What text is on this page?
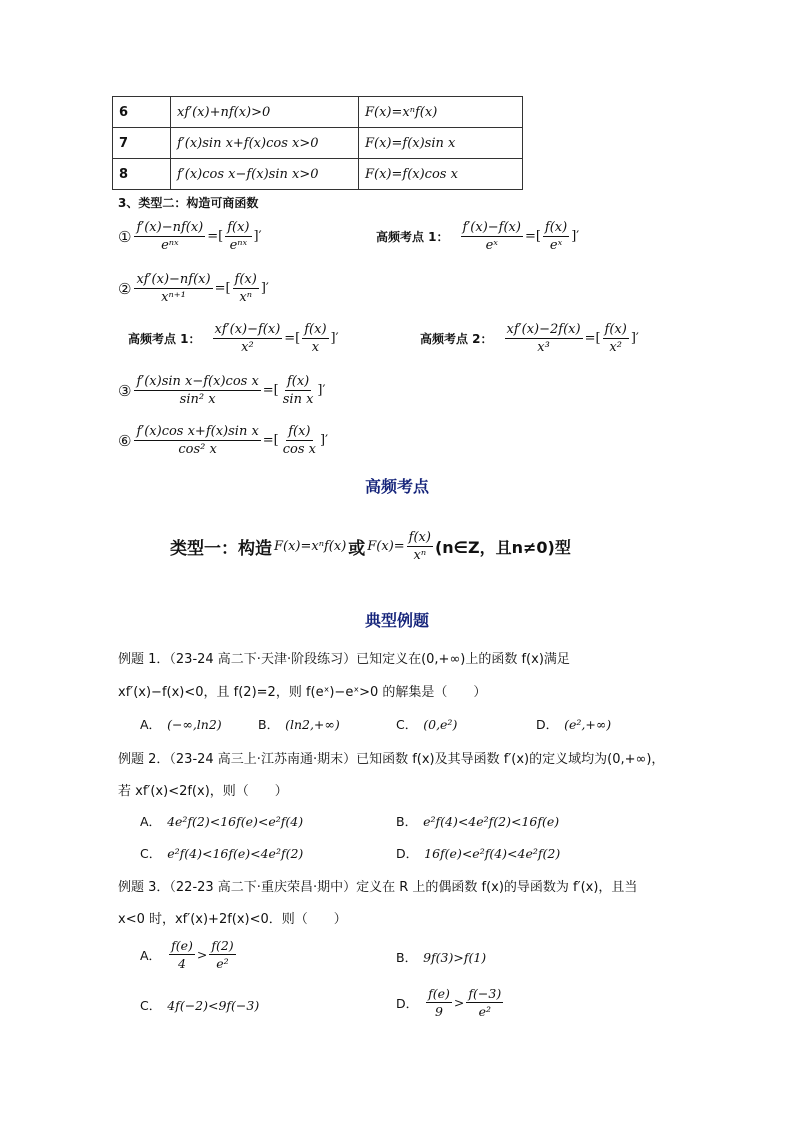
6	xf′(x)+nf(x)>0	F(x)=xⁿf(x)
7	f′(x)sin x+f(x)cos x>0	F(x)=f(x)sin x
8	f′(x)cos x−f(x)sin x>0	F(x)=f(x)cos x
3、类型二：构造可商函数
① $\frac{f'(x)-nf(x)}{\text{eⁿˣ}}$ =[ $\frac{f(x)}{\text{eⁿˣ}}$ ]′	高频考点 1： $\frac{f'(x)-f(x)}{\text{eˣ}}$ =[ $\frac{f(x)}{\text{eˣ}}$ ]′
② $\frac{xf'(x)-nf(x)}{\text{xⁿ⁺¹}}$ =[ $\frac{f(x)}{\text{xⁿ}}$ ]′
高频考点 1： $\frac{xf'(x)-f(x)}{\text{x²}}$ =[ $\frac{f(x)}{x}$ ]′	高频考点 2： $\frac{xf'(x)-2f(x)}{\text{x³}}$ =[ $\frac{f(x)}{\text{x²}}$ ]′
③ $\frac{\text{f′(x)sin x−f(x)cos x}}{\text{sin² x}}$ =[ $\frac{f(x)}{\text{sin x}}$ ]′
⑥ $\frac{\text{f′(x)cos x+f(x)sin x}}{\text{cos² x}}$ =[ $\frac{f(x)}{\text{cos x}}$ ]′
高频考点
类型一：构造 F(x)=xⁿf(x) 或 $F(x)= \frac{f(x)}{\text{xⁿ}}$ (n∈Z，且n≠0)型
典型例题
例题 1．（23-24 高二下·天津·阶段练习）已知定义在(0,+∞)上的函数 f(x)满足
xf′(x)−f(x)<0，且 f(2)=2，则 f(eˣ)−eˣ>0 的解集是（　　）
A． (−∞,ln2)	B． (ln2,+∞)	C． (0,e²)	D． (e²,+∞)
例题 2．（23-24 高三上·江苏南通·期末）已知函数 f(x)及其导函数 f′(x)的定义域均为(0,+∞)，
若 xf′(x)<2f(x)，则（　　）
A． 4e²f(2)<16f(e)<e²f(4)	B． e²f(4)<4e²f(2)<16f(e)
C． e²f(4)<16f(e)<4e²f(2)	D． 16f(e)<e²f(4)<4e²f(2)
例题 3．（22-23 高二下·重庆荣昌·期中）定义在 R 上的偶函数 f(x)的导函数为 f′(x)，且当
x<0 时，xf′(x)+2f(x)<0．则（　　）
A． $\frac{f(e)}{4} > \frac{f(2)}{\text{e²}}$	B． 9f(3)>f(1)
C． 4f(−2)<9f(−3)	D． $\frac{f(e)}{9} > \frac{f(-3)}{\text{e²}}$
